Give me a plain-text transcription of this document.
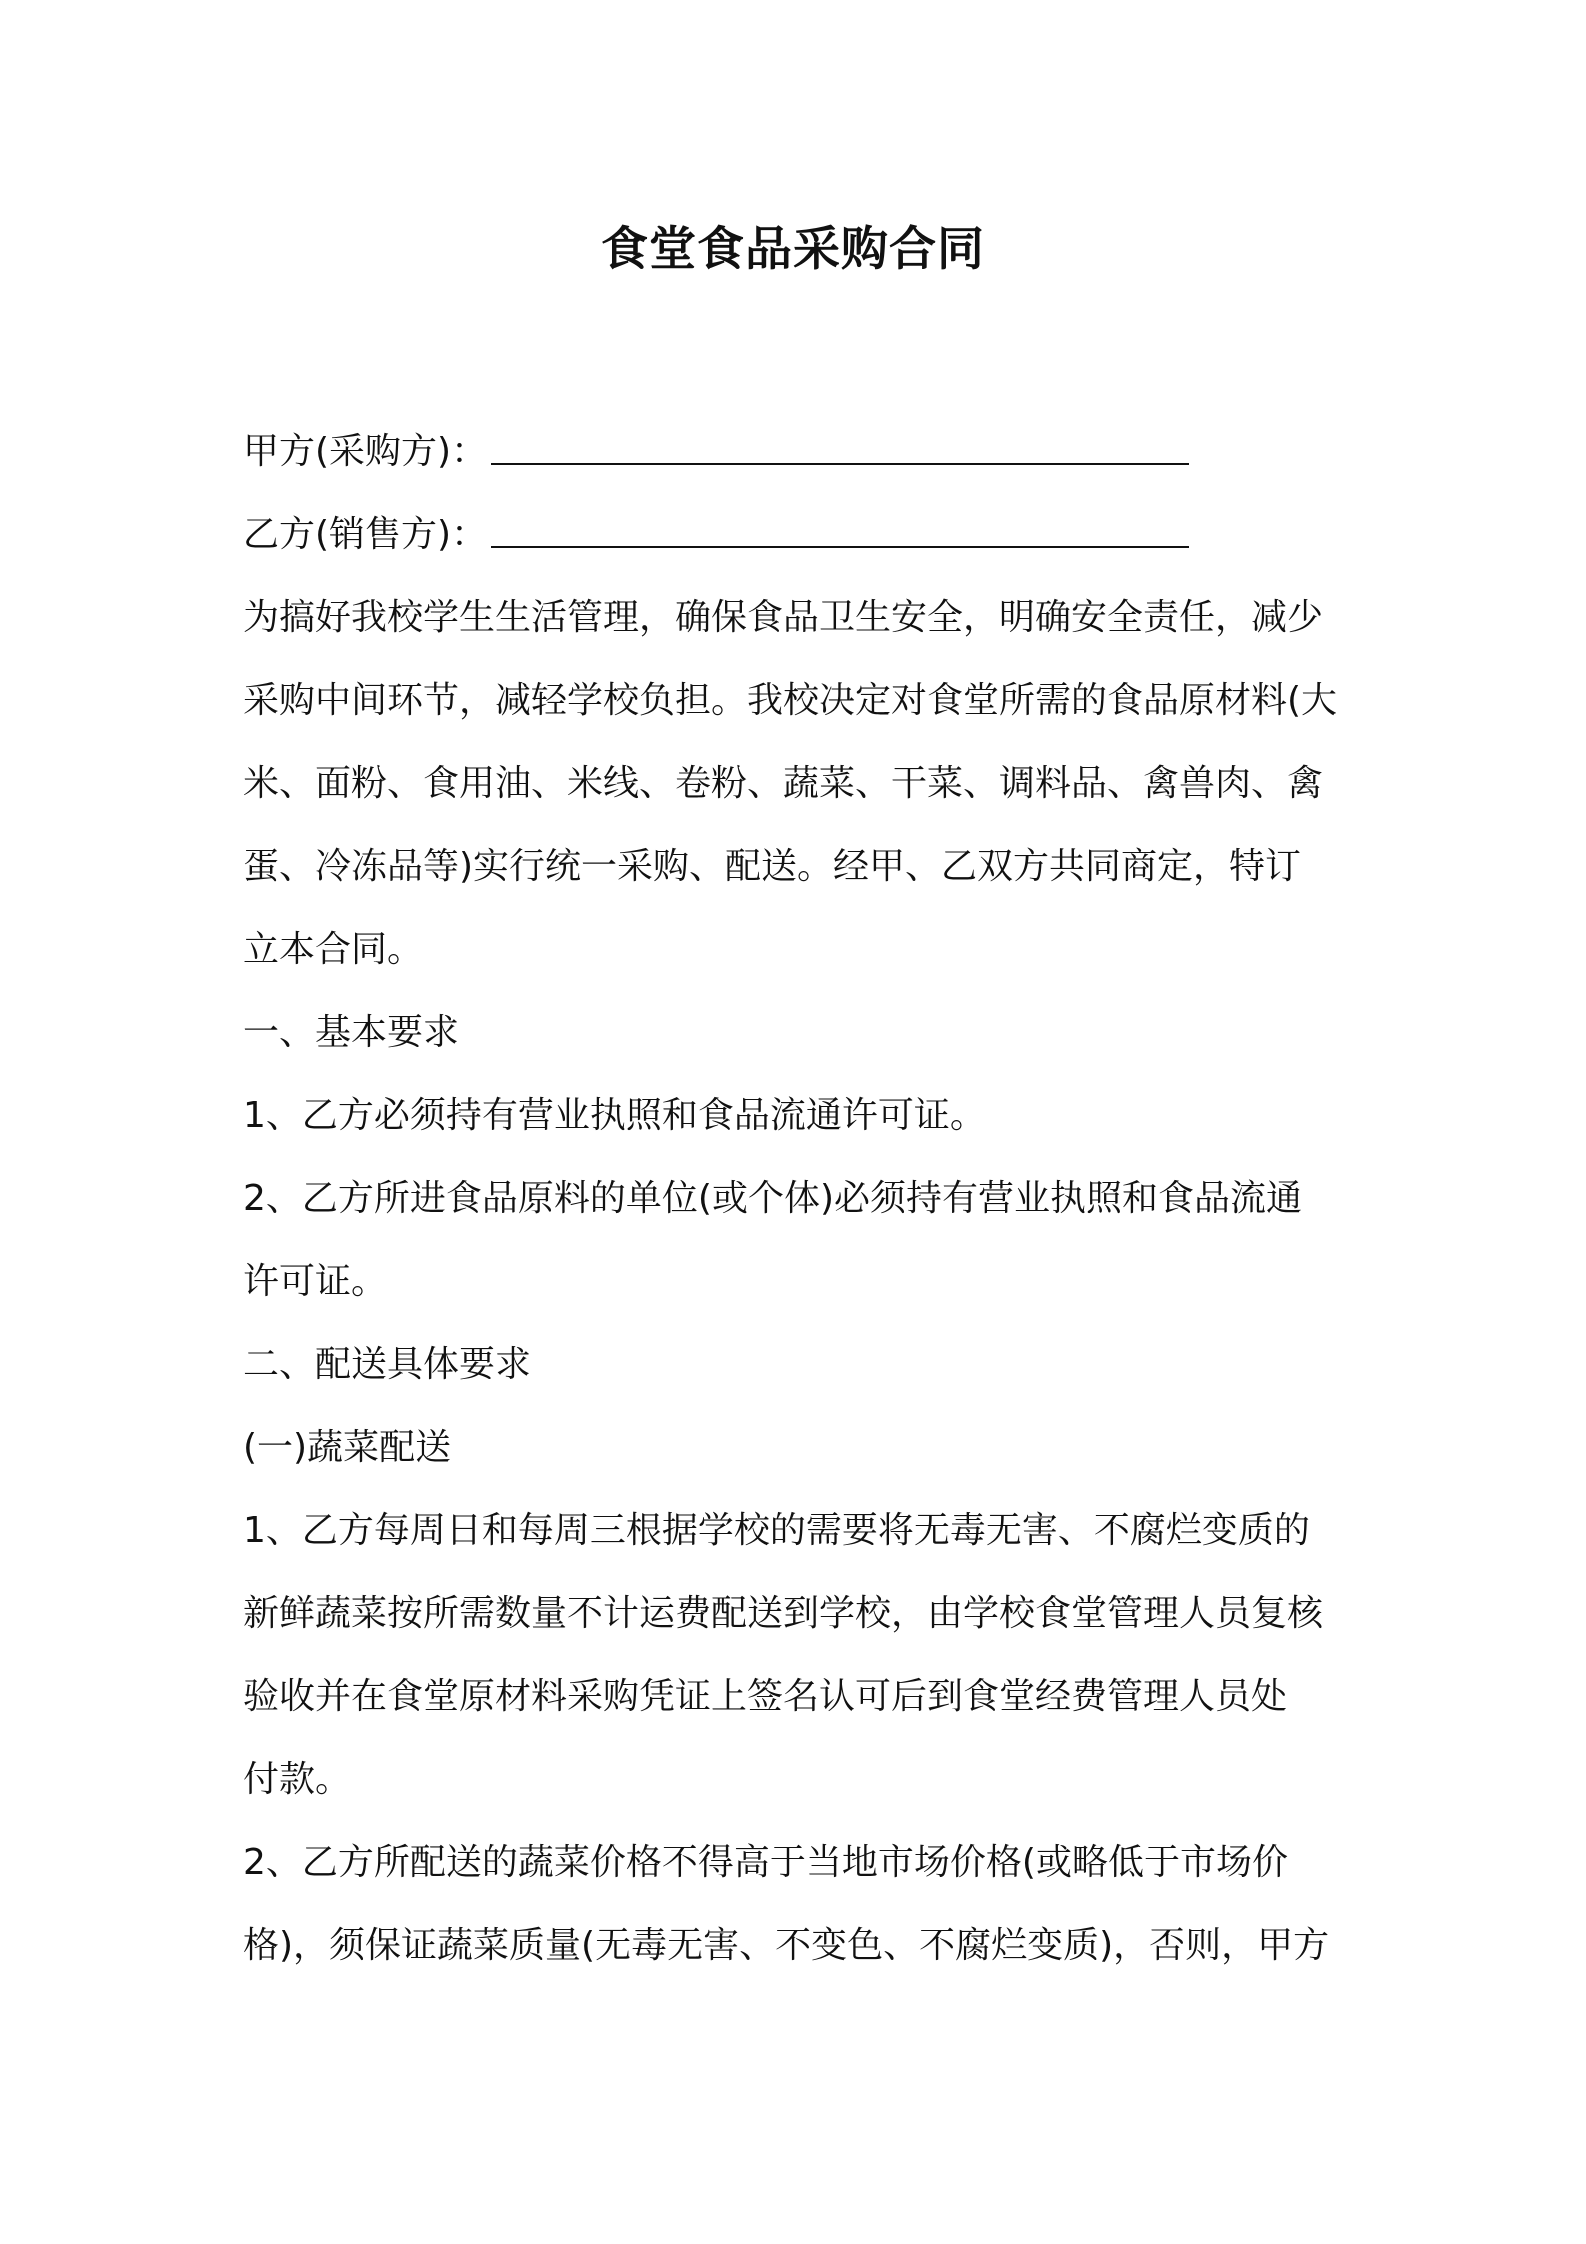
食堂食品采购合同
甲方(采购方)：
乙方(销售方)：
为搞好我校学生生活管理，确保食品卫生安全，明确安全责任，减少
采购中间环节，减轻学校负担。我校决定对食堂所需的食品原材料(大
米、面粉、食用油、米线、卷粉、蔬菜、干菜、调料品、禽兽肉、禽
蛋、冷冻品等)实行统一采购、配送。经甲、乙双方共同商定，特订
立本合同。
一、基本要求
1、乙方必须持有营业执照和食品流通许可证。
2、乙方所进食品原料的单位(或个体)必须持有营业执照和食品流通
许可证。
二、配送具体要求
(一)蔬菜配送
1、乙方每周日和每周三根据学校的需要将无毒无害、不腐烂变质的
新鲜蔬菜按所需数量不计运费配送到学校，由学校食堂管理人员复核
验收并在食堂原材料采购凭证上签名认可后到食堂经费管理人员处
付款。
2、乙方所配送的蔬菜价格不得高于当地市场价格(或略低于市场价
格)，须保证蔬菜质量(无毒无害、不变色、不腐烂变质)，否则，甲方
